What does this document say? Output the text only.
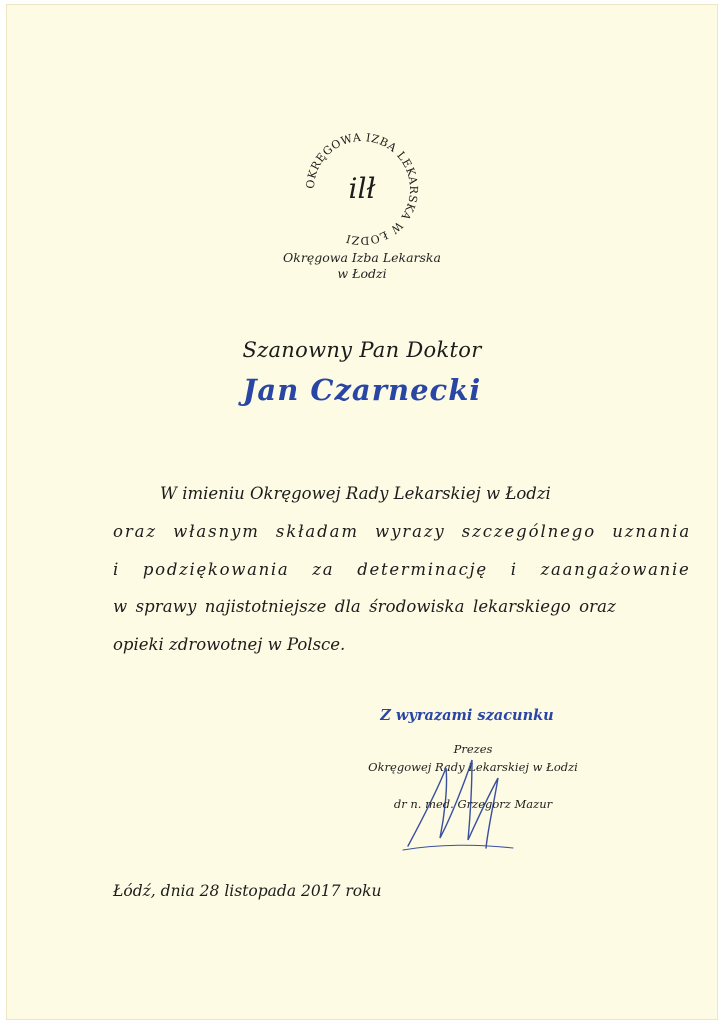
OKRĘGOWA IZBA LEKARSKA W ŁODZI
ilł
Okręgowa Izba Lekarska
w Łodzi
Szanowny Pan Doktor
Jan Czarnecki
W imieniu Okręgowej Rady Lekarskiej w Łodzi
oraz własnym składam wyrazy szczególnego uznania
i podziękowania za determinację i zaangażowanie
w sprawy najistotniejsze dla środowiska lekarskiego oraz
opieki zdrowotnej w Polsce.
Z wyrazami szacunku
Prezes
Okręgowej Rady Lekarskiej w Łodzi
dr n. med. Grzegorz Mazur
Łódź, dnia 28 listopada 2017 roku
